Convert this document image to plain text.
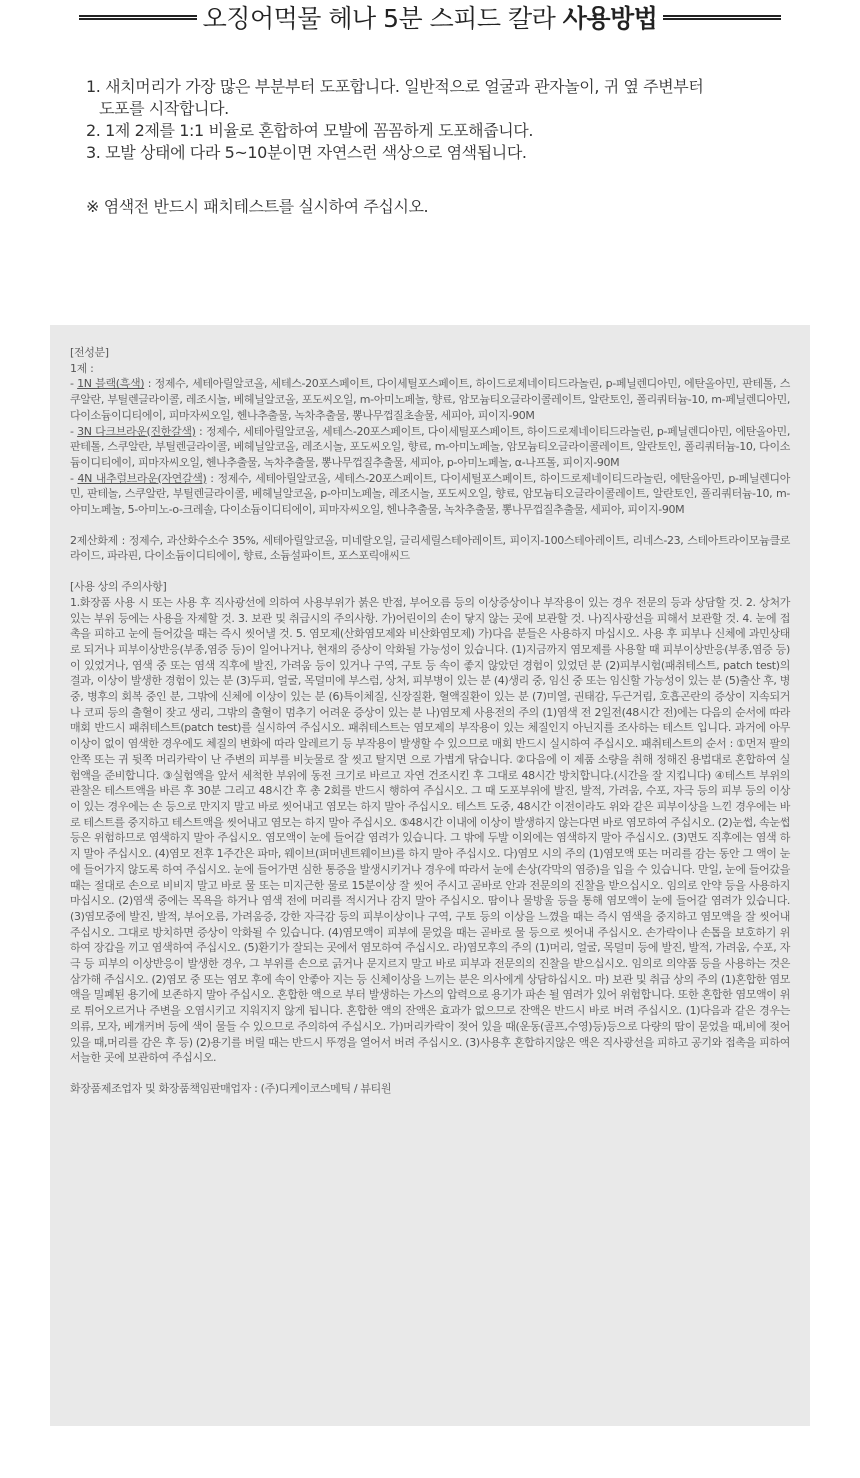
오징어먹물 헤나 5분 스피드 칼라 사용방법

1. 새치머리가 가장 많은 부분부터 도포합니다. 일반적으로 얼굴과 관자놀이, 귀 옆 주변부터
도포를 시작합니다.

2. 1제 2제를 1:1 비율로 혼합하여 모발에 꼼꼼하게 도포해줍니다.

3. 모발 상태에 다라 5~10분이면 자연스런 색상으로 염색됩니다.

※ 염색전 반드시 패치테스트를 실시하여 주십시오.

[전성분]

1제 :

- 1N 블랙(흑색) : 정제수, 세테아릴알코올, 세테스-20포스페이트, 다이세틸포스페이트, 하이드로제네이티드라놀린, p-페닐렌디아민, 에탄올아민, 판테톨, 스쿠알란, 부틸렌글라이콜, 레조시놀, 베헤닐알코올, 포도씨오일, m-아미노페놀, 향료, 암모늄티오글라이콜레이트, 알란토인, 폴리쿼터늄-10, m-페닐렌디아민, 다이소듐이디티에이, 피마자씨오일, 헨나추출물, 녹차추출물, 뽕나무껍질초솔물, 세피아, 피이지-90M

- 3N 다크브라운(진한갈색) : 정제수, 세테아릴알코올, 세테스-20포스페이트, 다이세틸포스페이트, 하이드로제네이티드라놀린, p-페닐렌디아민, 에탄올아민, 판테톨, 스쿠알란, 부틸렌글라이콜, 베헤닐알코올, 레조시놀, 포도씨오일, 향료, m-아미노페놀, 암모늄티오글라이콜레이트, 알란토인, 폴리쿼터늄-10, 다이소듐이디티에이, 피마자씨오일, 헨나추출물, 녹차추출물, 뽕나무껍질추출물, 세피아, p-아미노페놀, α-나프톨, 피이지-90M

- 4N 내추럴브라운(자연갈색) : 정제수, 세테아릴알코올, 세테스-20포스페이트, 다이세틸포스페이트, 하이드로제네이티드라놀린, 에탄올아민, p-페닐렌디아민, 판테놀, 스쿠알란, 부틸렌글라이콜, 베헤닐알코올, p-아미노페놀, 레조시놀, 포도씨오일, 향료, 암모늄티오글라이콜레이트, 알란토인, 폴리쿼터늄-10, m-아미노페놀, 5-아미노-o-크레솔, 다이소듐이디티에이, 피마자씨오일, 헨나추출물, 녹차추출물, 뽕나무껍질추출물, 세피아, 피이지-90M

2제산화제 : 정제수, 과산화수소수 35%, 세테아릴알코올, 미네랄오일, 글리세릴스테아레이트, 피이지-100스테아레이트, 리네스-23, 스테아트라이모늄클로라이드, 파라핀, 다이소듐이디티에이, 향료, 소듐설파이트, 포스포릭애씨드

[사용 상의 주의사항]

1.화장품 사용 시 또는 사용 후 직사광선에 의하여 사용부위가 붉은 반점, 부어오름 등의 이상증상이나 부작용이 있는 경우 전문의 등과 상담할 것. 2. 상처가 있는 부위 등에는 사용을 자제할 것. 3. 보관 및 취급시의 주의사항. 가)어린이의 손이 닿지 않는 곳에 보관할 것. 나)직사광선을 피해서 보관할 것. 4. 눈에 접촉을 피하고 눈에 들어갔을 때는 즉시 씻어낼 것. 5. 염모제(산화염모제와 비산화염모제) 가)다음 분들은 사용하지 마십시오. 사용 후 피부나 신체에 과민상태로 되거나 피부이상반응(부종,염증 등)이 일어나거나, 현재의 증상이 악화될 가능성이 있습니다. (1)지금까지 염모제를 사용할 때 피부이상반응(부종,염증 등) 이 있었거나, 염색 중 또는 염색 직후에 발진, 가려움 등이 있거나 구역, 구토 등 속이 좋지 않았던 경험이 있었던 분 (2)피부시험(패취테스트, patch test)의 결과, 이상이 발생한 경험이 있는 분 (3)두피, 얼굴, 목덜미에 부스럼, 상처, 피부병이 있는 분 (4)생리 중, 임신 중 또는 임신할 가능성이 있는 분 (5)출산 후, 병중, 병후의 회복 중인 분, 그밖에 신체에 이상이 있는 분 (6)특이체질, 신장질환, 혈액질환이 있는 분 (7)미열, 권태감, 두근거림, 호흡곤란의 증상이 지속되거나 코피 등의 출혈이 잦고 생리, 그밖의 출혈이 멈추기 어려운 증상이 있는 분 나)염모제 사용전의 주의 (1)염색 전 2일전(48시간 전)에는 다음의 순서에 따라 매회 반드시 패취테스트(patch test)를 실시하여 주십시오. 패취테스트는 염모제의 부작용이 있는 체질인지 아닌지를 조사하는 테스트 입니다. 과거에 아무 이상이 없이 염색한 경우에도 체질의 변화에 따라 알레르기 등 부작용이 발생할 수 있으므로 매회 반드시 실시하여 주십시오. 패취테스트의 순서 : ①먼저 팔의 안쪽 또는 귀 뒷쪽 머리카락이 난 주변의 피부를 비눗물로 잘 씻고 탈지면 으로 가볍게 닦습니다. ②다음에 이 제품 소량을 취해 정해진 용법대로 혼합하여 실험액을 준비합니다. ③실험액을 앞서 세척한 부위에 동전 크기로 바르고 자연 건조시킨 후 그대로 48시간 방치합니다.(시간을 잘 지킵니다) ④테스트 부위의 관찰은 테스트액을 바른 후 30분 그리고 48시간 후 총 2회를 반드시 행하여 주십시오. 그 때 도포부위에 발진, 발적, 가려움, 수포, 자극 등의 피부 등의 이상이 있는 경우에는 손 등으로 만지지 말고 바로 씻어내고 염모는 하지 말아 주십시오. 테스트 도중, 48시간 이전이라도 위와 같은 피부이상을 느낀 경우에는 바로 테스트를 중지하고 테스트액을 씻어내고 염모는 하지 말아 주십시오. ⑤48시간 이내에 이상이 발생하지 않는다면 바로 염모하여 주십시오. (2)눈썹, 속눈썹 등은 위험하므로 염색하지 말아 주십시오. 염모액이 눈에 들어갈 염려가 있습니다. 그 밖에 두발 이외에는 염색하지 말아 주십시오. (3)면도 직후에는 염색 하지 말아 주십시오. (4)염모 전후 1주간은 파마, 웨이브(퍼머넨트웨이브)를 하지 말아 주십시오. 다)염모 시의 주의 (1)염모액 또는 머리를 감는 동안 그 액이 눈에 들어가지 않도록 하여 주십시오. 눈에 들어가면 심한 통증을 발생시키거나 경우에 따라서 눈에 손상(각막의 염증)을 입을 수 있습니다. 만일, 눈에 들어갔을 때는 절대로 손으로 비비지 말고 바로 물 또는 미지근한 물로 15분이상 잘 씻어 주시고 곧바로 안과 전문의의 진찰을 받으십시오. 임의로 안약 등을 사용하지 마십시오. (2)염색 중에는 목욕을 하거나 염색 전에 머리를 적시거나 감지 말아 주십시오. 땀이나 물방울 등을 통해 염모액이 눈에 들어갈 염려가 있습니다. (3)염모중에 발진, 발적, 부어오름, 가려움증, 강한 자극감 등의 피부이상이나 구역, 구토 등의 이상을 느꼈을 때는 즉시 염색을 중지하고 염모액을 잘 씻어내 주십시오. 그대로 방치하면 증상이 악화될 수 있습니다. (4)염모액이 피부에 묻었을 때는 곧바로 물 등으로 씻어내 주십시오. 손가락이나 손톱을 보호하기 위하여 장갑을 끼고 염색하여 주십시오. (5)환기가 잘되는 곳에서 염모하여 주십시오. 라)염모후의 주의 (1)머리, 얼굴, 목덜미 등에 발진, 발적, 가려움, 수포, 자극 등 피부의 이상반응이 발생한 경우, 그 부위를 손으로 긁거나 문지르지 말고 바로 피부과 전문의의 진찰을 받으십시오. 임의로 의약품 등을 사용하는 것은 삼가해 주십시오. (2)염모 중 또는 염모 후에 속이 안좋아 지는 등 신체이상을 느끼는 분은 의사에게 상담하십시오. 마) 보관 및 취급 상의 주의 (1)혼합한 염모액을 밀폐된 용기에 보존하지 말아 주십시오. 혼합한 액으로 부터 발생하는 가스의 압력으로 용기가 파손 될 염려가 있어 위험합니다. 또한 혼합한 염모액이 위로 튀어오르거나 주변을 오염시키고 지워지지 않게 됩니다. 혼합한 액의 잔액은 효과가 없으므로 잔액은 반드시 바로 버려 주십시오. (1)다음과 같은 경우는 의류, 모자, 베개커버 등에 색이 물들 수 있으므로 주의하여 주십시오. 가)머리카락이 젖어 있을 때(운동(골프,수영)등)등으로 다량의 땀이 묻었을 때,비에 젖어 있을 때,머리를 감은 후 등) (2)용기를 버릴 때는 반드시 뚜껑을 열어서 버려 주십시오. (3)사용후 혼합하지않은 액은 직사광선을 피하고 공기와 접촉을 피하여 서늘한 곳에 보관하여 주십시오.

화장품제조업자 및 화장품책임판매업자 : (주)디케이코스메틱 / 뷰티원
